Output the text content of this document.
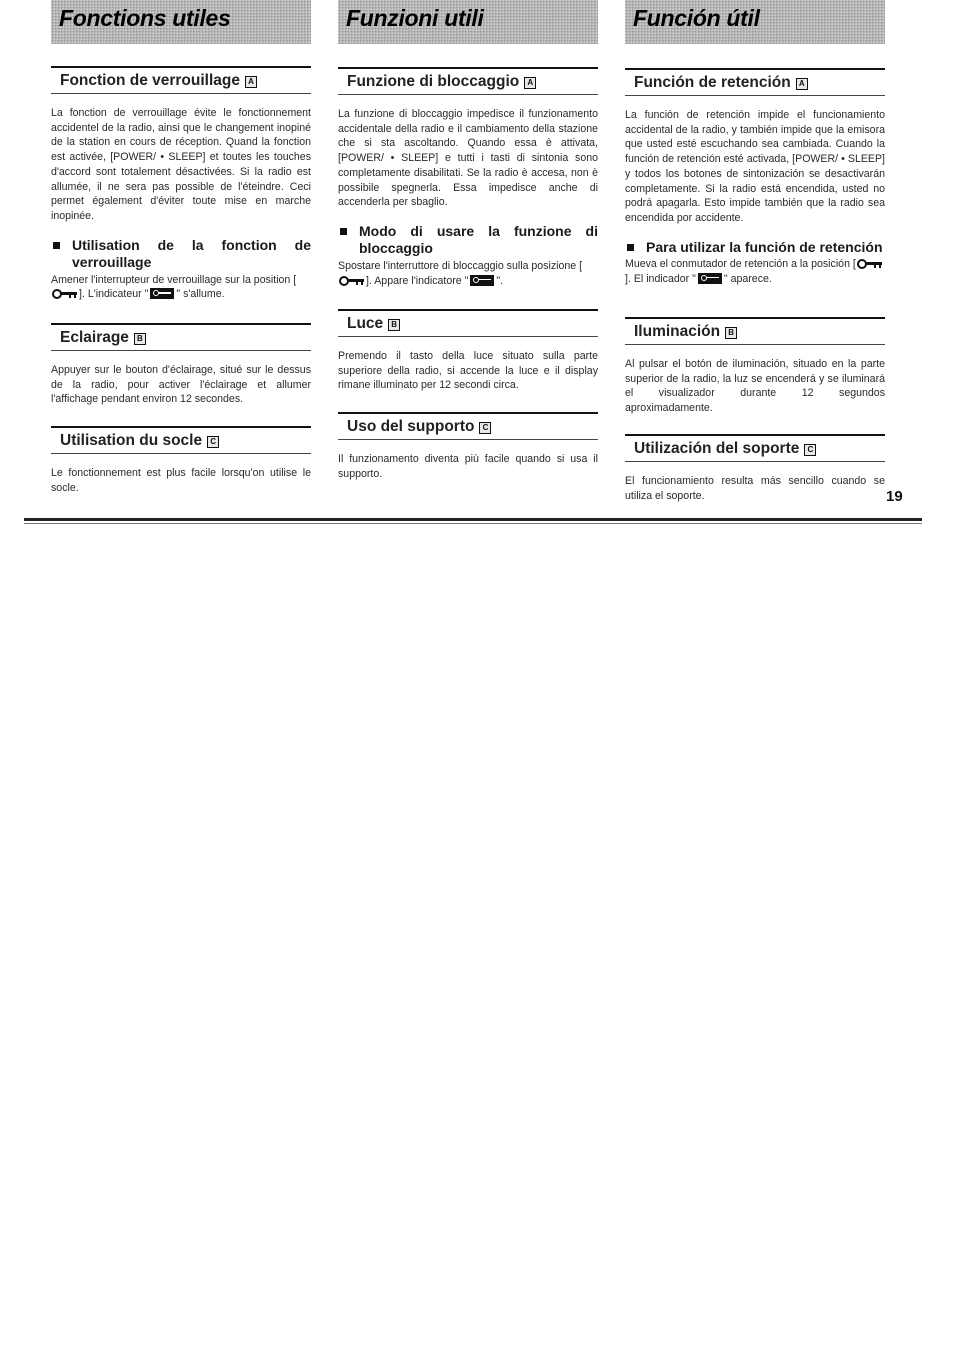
Fonctions utiles
Fonction de verrouillage	A
La fonction de verrouillage évite le fonctionnement accidentel de la radio, ainsi que le changement inopiné de la station en cours de réception. Quand la fonction est activée, [POWER/ • SLEEP] et toutes les touches d'accord sont totalement désactivées. Si la radio est allumée, il ne sera pas possible de l'éteindre. Ceci permet également d'éviter toute mise en marche inopinée.
Utilisation de la fonction de verrouillage
Amener l'interrupteur de verrouillage sur la position [
]. L'indicateur "	" s'allume.
Eclairage	B
Appuyer sur le bouton d'éclairage, situé sur le dessus de la radio, pour activer l'éclairage et allumer l'affichage pendant environ 12 secondes.
Utilisation du socle	C
Le fonctionnement est plus facile lorsqu'on utilise le socle.
Funzioni utili
Funzione di bloccaggio	A
La funzione di bloccaggio impedisce il funzionamento accidentale della radio e il cambiamento della stazione che si sta ascoltando. Quando essa è attivata, [POWER/ • SLEEP] e tutti i tasti di sintonia sono completamente disabilitati. Se la radio è accesa, non è possibile spegnerla. Essa impedisce anche di accenderla per sbaglio.
Modo di usare la funzione di bloccaggio
Spostare l'interruttore di bloccaggio sulla posizione [
]. Appare l'indicatore "	".
Luce	B
Premendo il tasto della luce situato sulla parte superiore della radio, si accende la luce e il display rimane illuminato per 12 secondi circa.
Uso del supporto	C
Il funzionamento diventa più facile quando si usa il supporto.
Función útil
Función de retención	A
La función de retención impide el funcionamiento accidental de la radio, y también impide que la emisora que usted esté escuchando sea cambiada. Cuando la función de retención esté activada, [POWER/ • SLEEP] y todos los botones de sintonización se desactivarán completamente. Si la radio está encendida, usted no podrá apagarla. Esto impide también que la radio sea encendida por accidente.
Para utilizar la función de retención
Mueva el conmutador de retención a la posición [
]. El indicador "	" aparece.
Iluminación	B
Al pulsar el botón de iluminación, situado en la parte superior de la radio, la luz se encenderá y se iluminará el visualizador durante 12 segundos aproximadamente.
Utilización del soporte	C
El funcionamiento resulta más sencillo cuando se utiliza el soporte.	19
